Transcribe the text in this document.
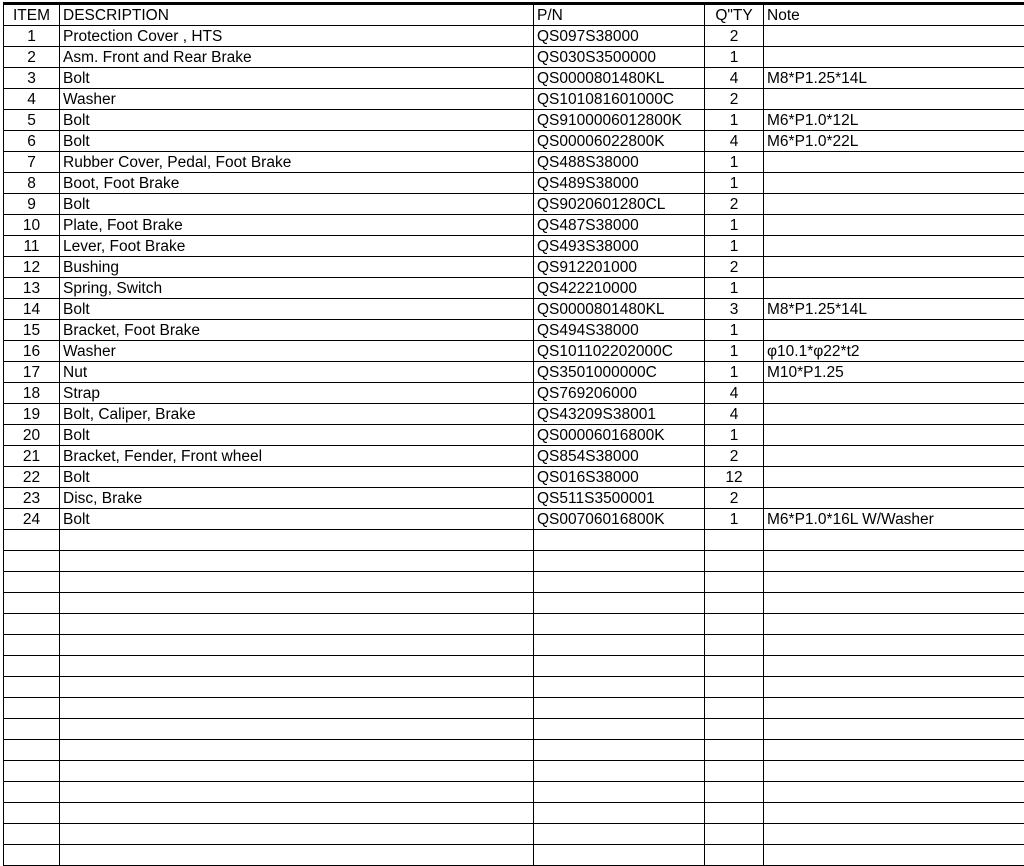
ITEM	DESCRIPTION	P/N	Q"TY	Note
1	Protection Cover , HTS	QS097S38000	2	
2	Asm. Front and Rear Brake	QS030S3500000	1	
3	Bolt	QS0000801480KL	4	M8*P1.25*14L
4	Washer	QS101081601000C	2	
5	Bolt	QS9100006012800K	1	M6*P1.0*12L
6	Bolt	QS00006022800K	4	M6*P1.0*22L
7	Rubber Cover, Pedal, Foot Brake	QS488S38000	1	
8	Boot, Foot Brake	QS489S38000	1	
9	Bolt	QS9020601280CL	2	
10	Plate, Foot Brake	QS487S38000	1	
11	Lever, Foot Brake	QS493S38000	1	
12	Bushing	QS912201000	2	
13	Spring, Switch	QS422210000	1	
14	Bolt	QS0000801480KL	3	M8*P1.25*14L
15	Bracket, Foot Brake	QS494S38000	1	
16	Washer	QS101102202000C	1	φ10.1*φ22*t2
17	Nut	QS3501000000C	1	M10*P1.25
18	Strap	QS769206000	4	
19	Bolt, Caliper, Brake	QS43209S38001	4	
20	Bolt	QS00006016800K	1	
21	Bracket, Fender, Front wheel	QS854S38000	2	
22	Bolt	QS016S38000	12	
23	Disc, Brake	QS511S3500001	2	
24	Bolt	QS00706016800K	1	M6*P1.0*16L W/Washer
